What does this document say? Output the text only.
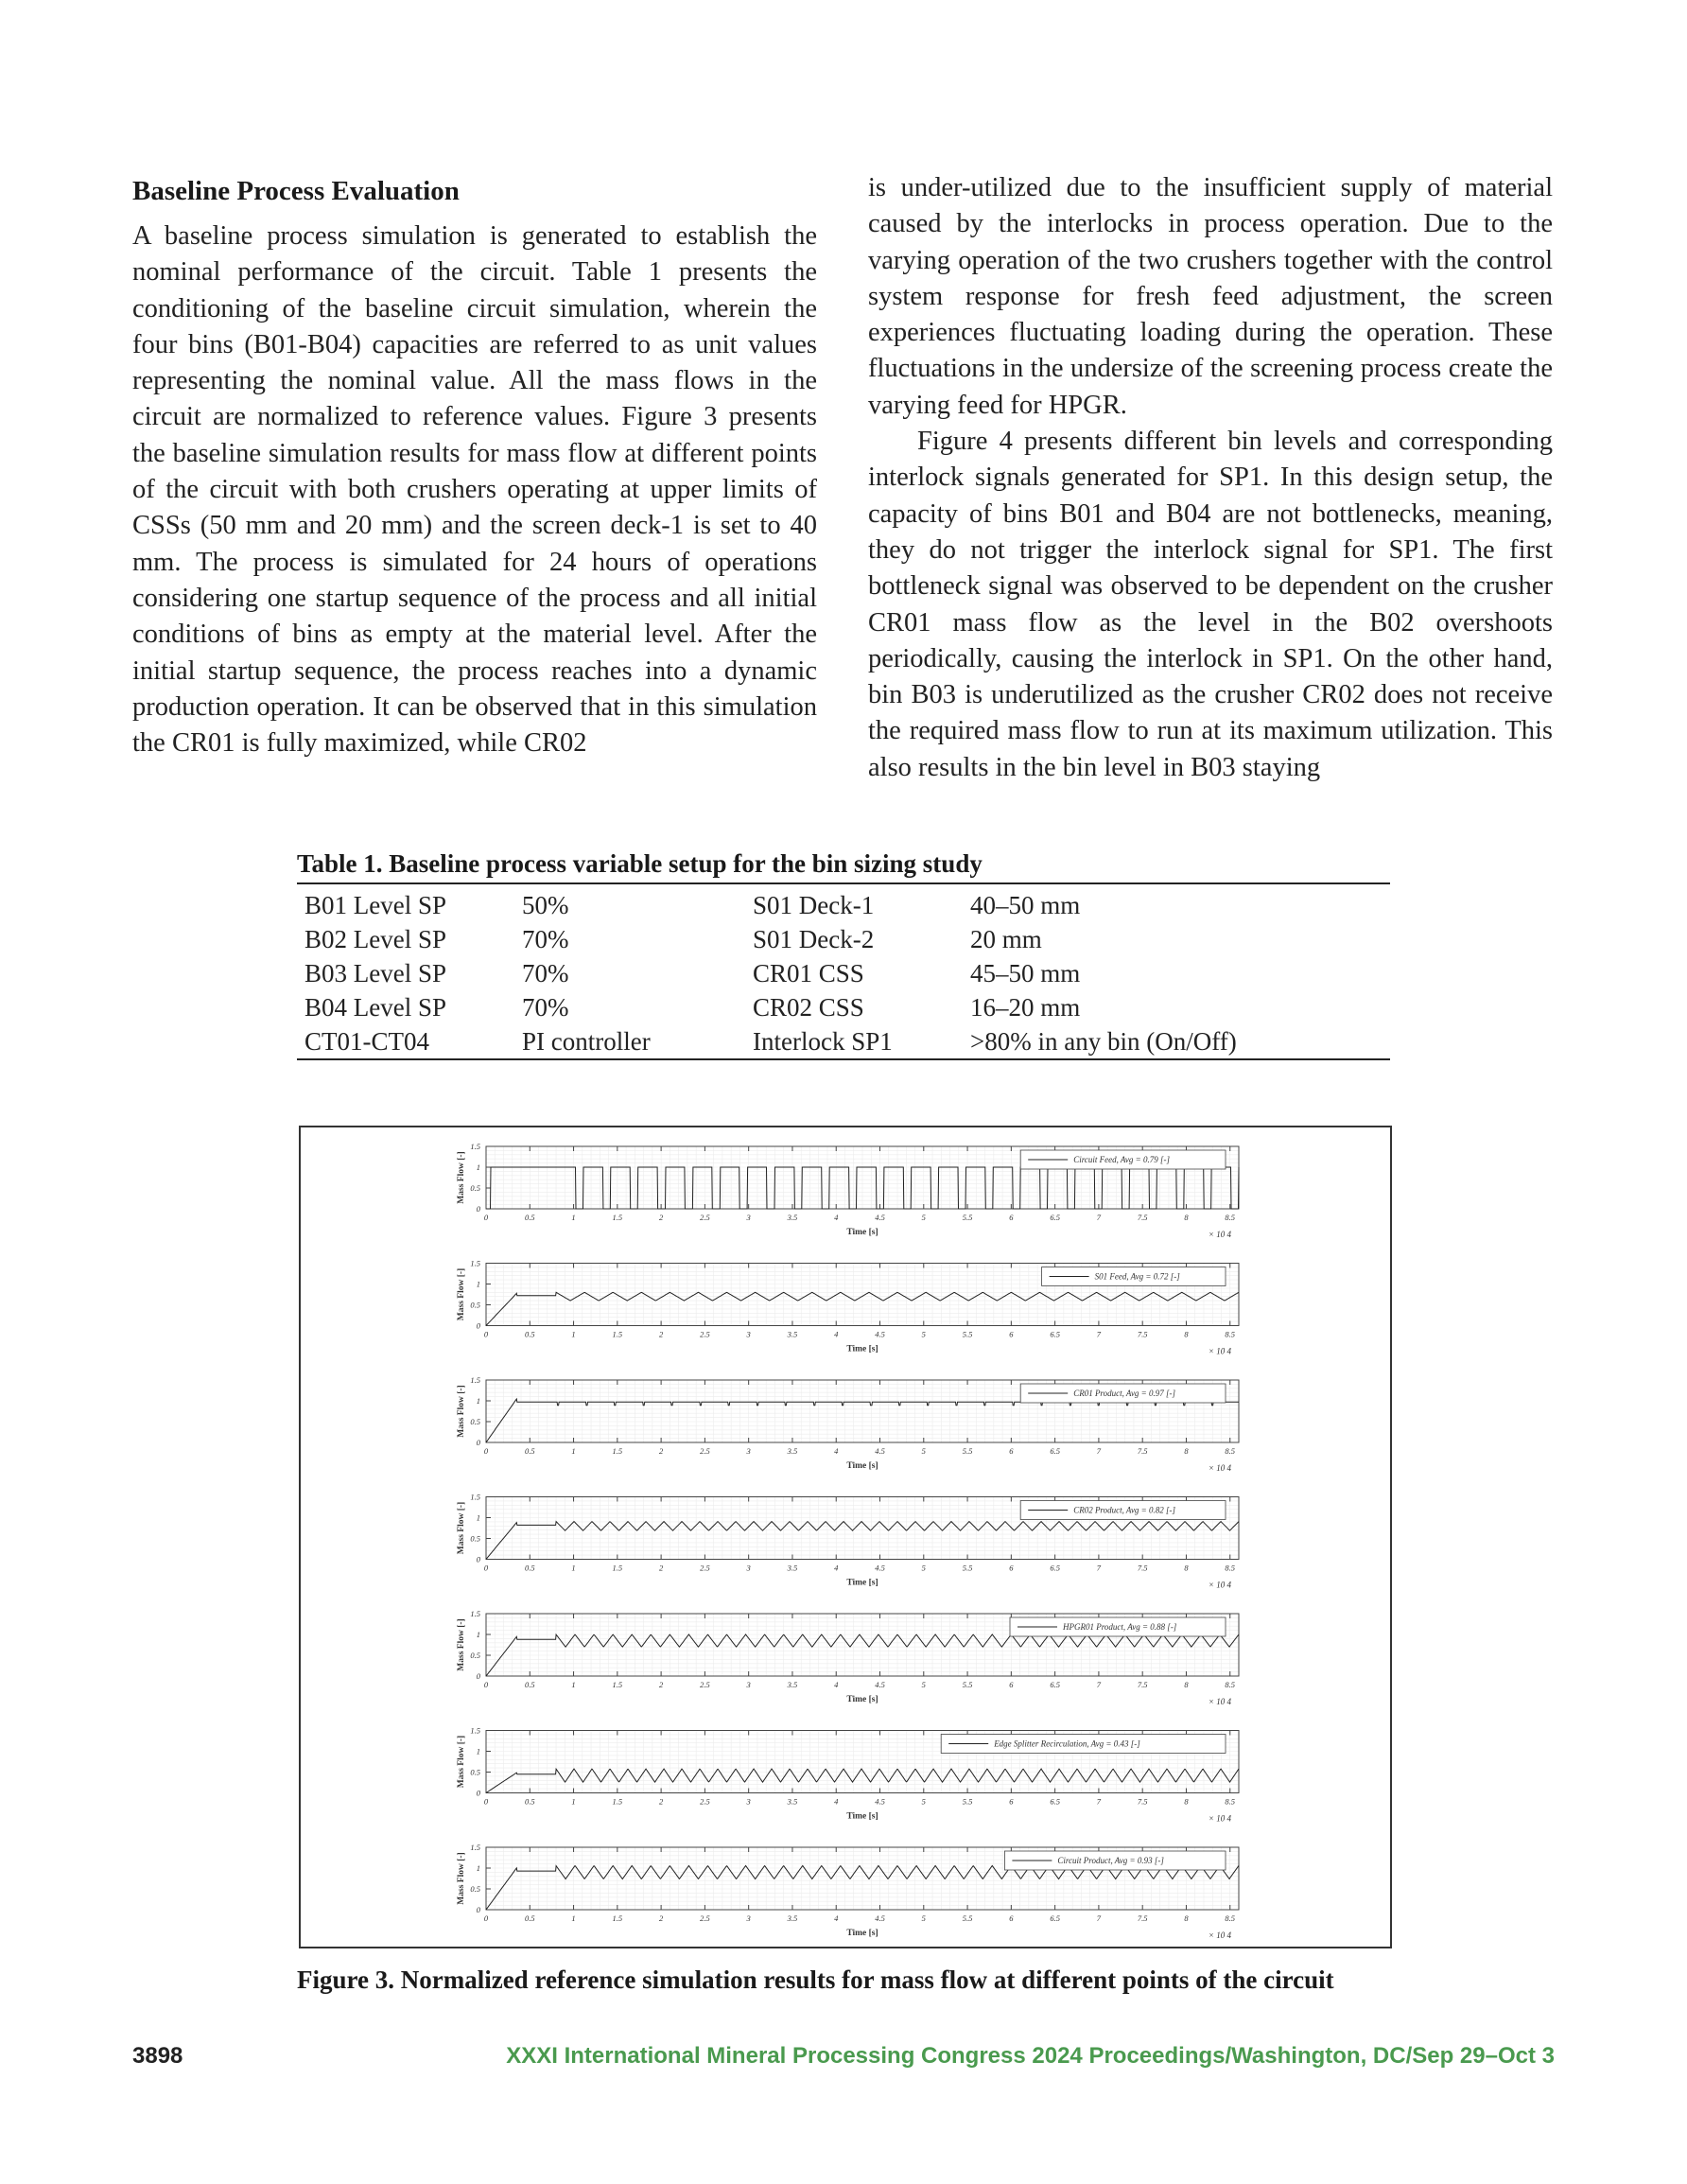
Baseline Process Evaluation

A baseline process simulation is generated to establish the nominal performance of the circuit. Table 1 presents the conditioning of the baseline circuit simulation, wherein the four bins (B01-B04) capacities are referred to as unit values representing the nominal value. All the mass flows in the circuit are normalized to reference values. Figure 3 presents the baseline simulation results for mass flow at different points of the circuit with both crushers operating at upper limits of CSSs (50 mm and 20 mm) and the screen deck-1 is set to 40 mm. The process is simulated for 24 hours of operations considering one startup sequence of the process and all initial conditions of bins as empty at the material level. After the initial startup sequence, the process reaches into a dynamic production operation. It can be observed that in this simulation the CR01 is fully maximized, while CR02

is under-utilized due to the insufficient supply of material caused by the interlocks in process operation. Due to the varying operation of the two crushers together with the control system response for fresh feed adjustment, the screen experiences fluctuating loading during the operation. These fluctuations in the undersize of the screening process create the varying feed for HPGR.

Figure 4 presents different bin levels and corresponding interlock signals generated for SP1. In this design setup, the capacity of bins B01 and B04 are not bottlenecks, meaning, they do not trigger the interlock signal for SP1. The first bottleneck signal was observed to be dependent on the crusher CR01 mass flow as the level in the B02 overshoots periodically, causing the interlock in SP1. On the other hand, bin B03 is underutilized as the crusher CR02 does not receive the required mass flow to run at its maximum utilization. This also results in the bin level in B03 staying

Table 1. Baseline process variable setup for the bin sizing study
B01 Level SP	50%	S01 Deck-1	40–50 mm
B02 Level SP	70%	S01 Deck-2	20 mm
B03 Level SP	70%	CR01 CSS	45–50 mm
B04 Level SP	70%	CR02 CSS	16–20 mm
CT01-CT04	PI controller	Interlock SP1	>80% in any bin (On/Off)
0	0.5	1	1.5	2	2.5	3	3.5	4	4.5	5	5.5	6	6.5	7	7.5	8	8.5
0
0.5
1
1.5
Time [s]
Mass Flow [-]
× 10 4
Circuit Feed, Avg = 0.79 [-]
0	0.5	1	1.5	2	2.5	3	3.5	4	4.5	5	5.5	6	6.5	7	7.5	8	8.5
0
0.5
1
1.5
Time [s]
Mass Flow [-]
× 10 4
S01 Feed, Avg = 0.72 [-]
0	0.5	1	1.5	2	2.5	3	3.5	4	4.5	5	5.5	6	6.5	7	7.5	8	8.5
0
0.5
1
1.5
Time [s]
Mass Flow [-]
× 10 4
CR01 Product, Avg = 0.97 [-]
0	0.5	1	1.5	2	2.5	3	3.5	4	4.5	5	5.5	6	6.5	7	7.5	8	8.5
0
0.5
1
1.5
Time [s]
Mass Flow [-]
× 10 4
CR02 Product, Avg = 0.82 [-]
0	0.5	1	1.5	2	2.5	3	3.5	4	4.5	5	5.5	6	6.5	7	7.5	8	8.5
0
0.5
1
1.5
Time [s]
Mass Flow [-]
× 10 4
HPGR01 Product, Avg = 0.88 [-]
0	0.5	1	1.5	2	2.5	3	3.5	4	4.5	5	5.5	6	6.5	7	7.5	8	8.5
0
0.5
1
1.5
Time [s]
Mass Flow [-]
× 10 4
Edge Splitter Recirculation, Avg = 0.43 [-]
0	0.5	1	1.5	2	2.5	3	3.5	4	4.5	5	5.5	6	6.5	7	7.5	8	8.5
0
0.5
1
1.5
Time [s]
Mass Flow [-]
× 10 4
Circuit Product, Avg = 0.93 [-]
Figure 3. Normalized reference simulation results for mass flow at different points of the circuit
3898	XXXI International Mineral Processing Congress 2024 Proceedings/Washington, DC/Sep 29–Oct 3
